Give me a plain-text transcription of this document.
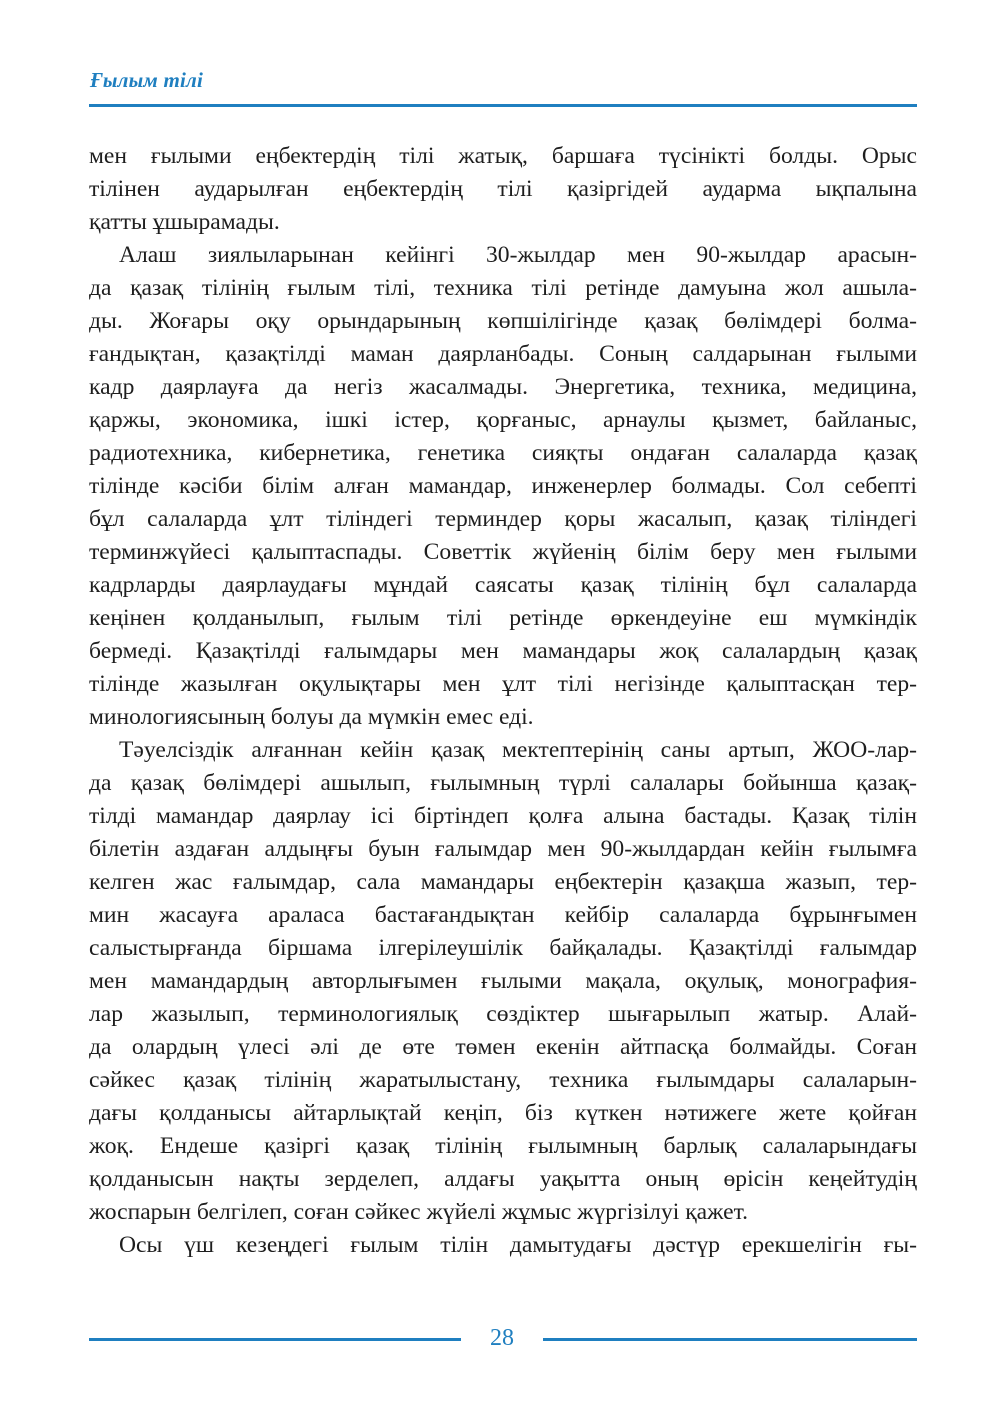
Ғылым тілі
мен ғылыми еңбектердің тілі жатық, баршаға түсінікті болды. Орыс
тілінен аударылған еңбектердің тілі қазіргідей аударма ықпалына
қатты ұшырамады.
Алаш зиялыларынан кейінгі 30-жылдар мен 90-жылдар арасын-
да қазақ тілінің ғылым тілі, техника тілі ретінде дамуына жол ашыла-
ды. Жоғары оқу орындарының көпшілігінде қазақ бөлімдері болма-
ғандықтан, қазақтілді маман даярланбады. Соның салдарынан ғылыми
кадр даярлауға да негіз жасалмады. Энергетика, техника, медицина,
қаржы, экономика, ішкі істер, қорғаныс, арнаулы қызмет, байланыс,
радиотехника, кибернетика, генетика сияқты ондаған салаларда қазақ
тілінде кәсіби білім алған мамандар, инженерлер болмады. Сол себепті
бұл салаларда ұлт тіліндегі терминдер қоры жасалып, қазақ тіліндегі
терминжүйесі қалыптаспады. Советтік жүйенің білім беру мен ғылыми
кадрларды даярлаудағы мұндай саясаты қазақ тілінің бұл салаларда
кеңінен қолданылып, ғылым тілі ретінде өркендеуіне еш мүмкіндік
бермеді. Қазақтілді ғалымдары мен мамандары жоқ салалардың қазақ
тілінде жазылған оқулықтары мен ұлт тілі негізінде қалыптасқан тер-
минологиясының болуы да мүмкін емес еді.
Тәуелсіздік алғаннан кейін қазақ мектептерінің саны артып, ЖОО-лар-
да қазақ бөлімдері ашылып, ғылымның түрлі салалары бойынша қазақ-
тілді мамандар даярлау ісі біртіндеп қолға алына бастады. Қазақ тілін
білетін аздаған алдыңғы буын ғалымдар мен 90-жылдардан кейін ғылымға
келген жас ғалымдар, сала мамандары еңбектерін қазақша жазып, тер-
мин жасауға араласа бастағандықтан кейбір салаларда бұрынғымен
салыстырғанда біршама ілгерілеушілік байқалады. Қазақтілді ғалымдар
мен мамандардың авторлығымен ғылыми мақала, оқулық, монография-
лар жазылып, терминологиялық сөздіктер шығарылып жатыр. Алай-
да олардың үлесі әлі де өте төмен екенін айтпасқа болмайды. Соған
сәйкес қазақ тілінің жаратылыстану, техника ғылымдары салаларын-
дағы қолданысы айтарлықтай кеңіп, біз күткен нәтижеге жете қойған
жоқ. Ендеше қазіргі қазақ тілінің ғылымның барлық салаларындағы
қолданысын нақты зерделеп, алдағы уақытта оның өрісін кеңейтудің
жоспарын белгілеп, соған сәйкес жүйелі жұмыс жүргізілуі қажет.
Осы үш кезеңдегі ғылым тілін дамытудағы дәстүр ерекшелігін ғы-
28
